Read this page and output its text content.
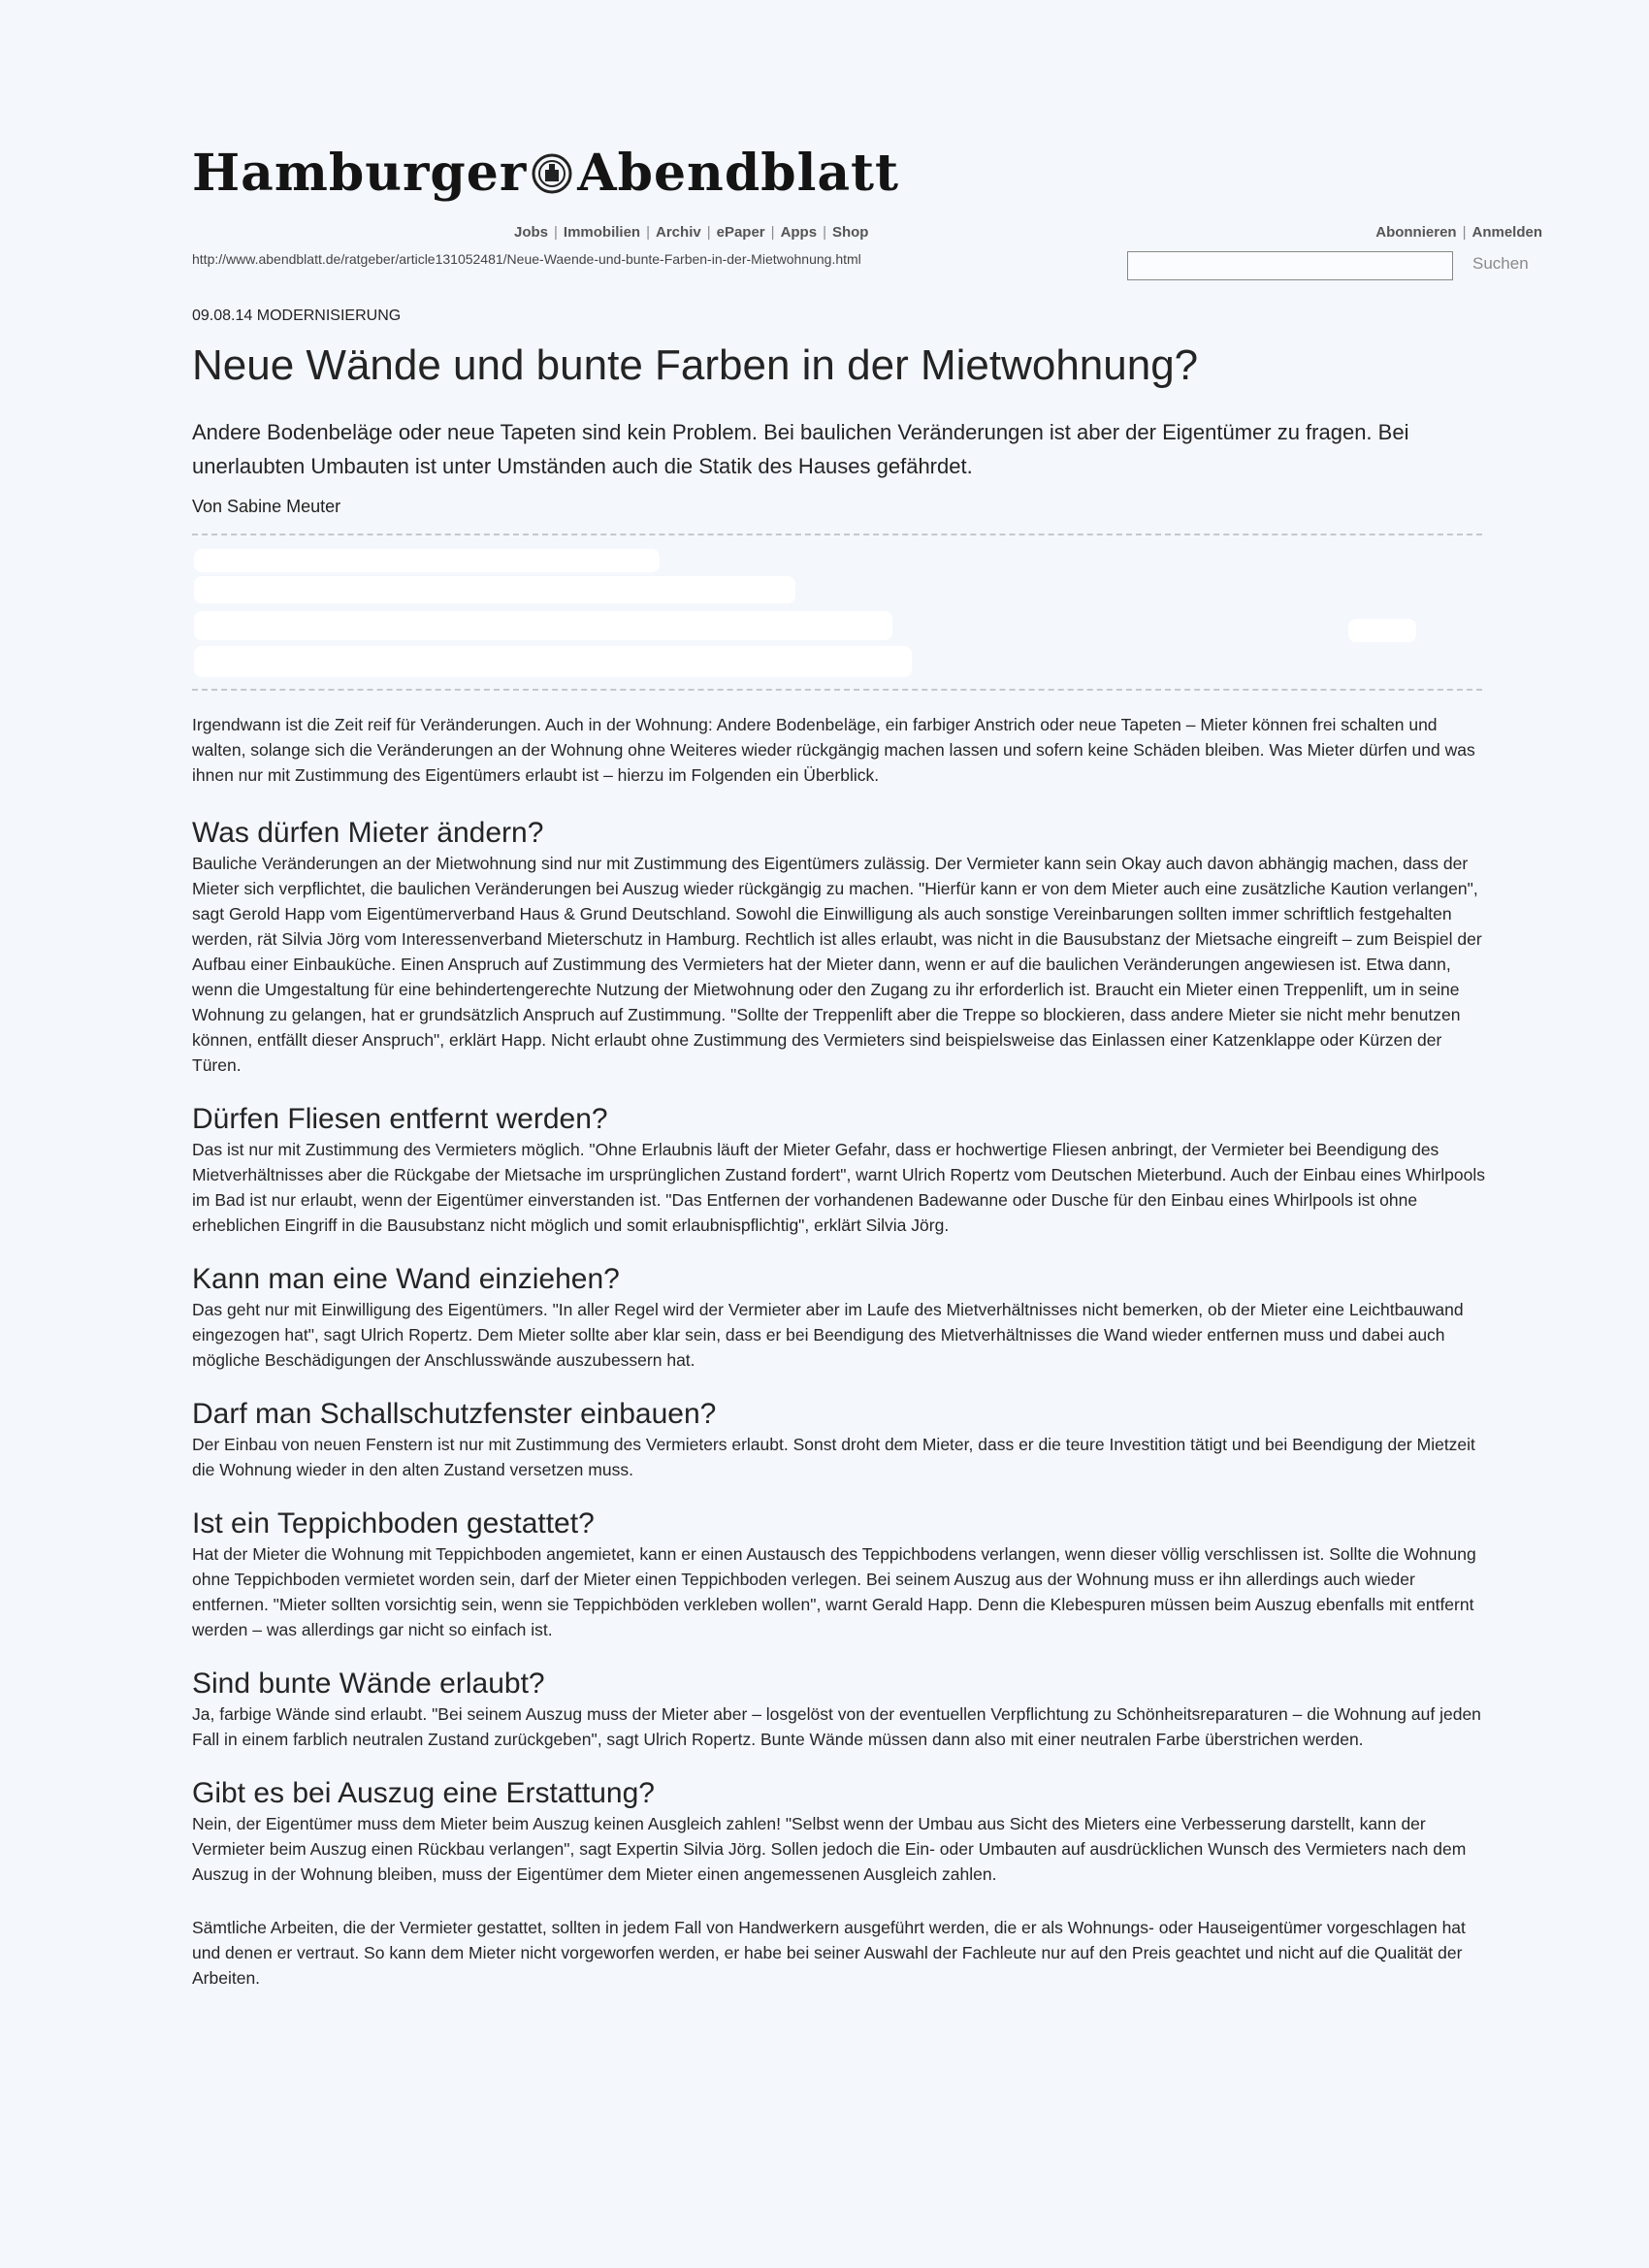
Hamburger Abendblatt
Jobs | Immobilien | Archiv | ePaper | Apps | Shop	Abonnieren | Anmelden
http://www.abendblatt.de/ratgeber/article131052481/Neue-Waende-und-bunte-Farben-in-der-Mietwohnung.html	Suchen
09.08.14 MODERNISIERUNG
Neue Wände und bunte Farben in der Mietwohnung?

Andere Bodenbeläge oder neue Tapeten sind kein Problem. Bei baulichen Veränderungen ist aber der Eigentümer zu fragen. Bei unerlaubten Umbauten ist unter Umständen auch die Statik des Hauses gefährdet.

Von Sabine Meuter

Irgendwann ist die Zeit reif für Veränderungen. Auch in der Wohnung: Andere Bodenbeläge, ein farbiger Anstrich oder neue Tapeten – Mieter können frei schalten und walten, solange sich die Veränderungen an der Wohnung ohne Weiteres wieder rückgängig machen lassen und sofern keine Schäden bleiben. Was Mieter dürfen und was ihnen nur mit Zustimmung des Eigentümers erlaubt ist – hierzu im Folgenden ein Überblick.

Was dürfen Mieter ändern?

Bauliche Veränderungen an der Mietwohnung sind nur mit Zustimmung des Eigentümers zulässig. Der Vermieter kann sein Okay auch davon abhängig machen, dass der Mieter sich verpflichtet, die baulichen Veränderungen bei Auszug wieder rückgängig zu machen. "Hierfür kann er von dem Mieter auch eine zusätzliche Kaution verlangen", sagt Gerold Happ vom Eigentümerverband Haus & Grund Deutschland. Sowohl die Einwilligung als auch sonstige Vereinbarungen sollten immer schriftlich festgehalten werden, rät Silvia Jörg vom Interessenverband Mieterschutz in Hamburg. Rechtlich ist alles erlaubt, was nicht in die Bausubstanz der Mietsache eingreift – zum Beispiel der Aufbau einer Einbauküche. Einen Anspruch auf Zustimmung des Vermieters hat der Mieter dann, wenn er auf die baulichen Veränderungen angewiesen ist. Etwa dann, wenn die Umgestaltung für eine behindertengerechte Nutzung der Mietwohnung oder den Zugang zu ihr erforderlich ist. Braucht ein Mieter einen Treppenlift, um in seine Wohnung zu gelangen, hat er grundsätzlich Anspruch auf Zustimmung. "Sollte der Treppenlift aber die Treppe so blockieren, dass andere Mieter sie nicht mehr benutzen können, entfällt dieser Anspruch", erklärt Happ. Nicht erlaubt ohne Zustimmung des Vermieters sind beispielsweise das Einlassen einer Katzenklappe oder Kürzen der Türen.

Dürfen Fliesen entfernt werden?

Das ist nur mit Zustimmung des Vermieters möglich. "Ohne Erlaubnis läuft der Mieter Gefahr, dass er hochwertige Fliesen anbringt, der Vermieter bei Beendigung des Mietverhältnisses aber die Rückgabe der Mietsache im ursprünglichen Zustand fordert", warnt Ulrich Ropertz vom Deutschen Mieterbund. Auch der Einbau eines Whirlpools im Bad ist nur erlaubt, wenn der Eigentümer einverstanden ist. "Das Entfernen der vorhandenen Badewanne oder Dusche für den Einbau eines Whirlpools ist ohne erheblichen Eingriff in die Bausubstanz nicht möglich und somit erlaubnispflichtig", erklärt Silvia Jörg.

Kann man eine Wand einziehen?

Das geht nur mit Einwilligung des Eigentümers. "In aller Regel wird der Vermieter aber im Laufe des Mietverhältnisses nicht bemerken, ob der Mieter eine Leichtbauwand eingezogen hat", sagt Ulrich Ropertz. Dem Mieter sollte aber klar sein, dass er bei Beendigung des Mietverhältnisses die Wand wieder entfernen muss und dabei auch mögliche Beschädigungen der Anschlusswände auszubessern hat.

Darf man Schallschutzfenster einbauen?

Der Einbau von neuen Fenstern ist nur mit Zustimmung des Vermieters erlaubt. Sonst droht dem Mieter, dass er die teure Investition tätigt und bei Beendigung der Mietzeit die Wohnung wieder in den alten Zustand versetzen muss.

Ist ein Teppichboden gestattet?

Hat der Mieter die Wohnung mit Teppichboden angemietet, kann er einen Austausch des Teppichbodens verlangen, wenn dieser völlig verschlissen ist. Sollte die Wohnung ohne Teppichboden vermietet worden sein, darf der Mieter einen Teppichboden verlegen. Bei seinem Auszug aus der Wohnung muss er ihn allerdings auch wieder entfernen. "Mieter sollten vorsichtig sein, wenn sie Teppichböden verkleben wollen", warnt Gerald Happ. Denn die Klebespuren müssen beim Auszug ebenfalls mit entfernt werden – was allerdings gar nicht so einfach ist.

Sind bunte Wände erlaubt?

Ja, farbige Wände sind erlaubt. "Bei seinem Auszug muss der Mieter aber – losgelöst von der eventuellen Verpflichtung zu Schönheitsreparaturen – die Wohnung auf jeden Fall in einem farblich neutralen Zustand zurückgeben", sagt Ulrich Ropertz. Bunte Wände müssen dann also mit einer neutralen Farbe überstrichen werden.

Gibt es bei Auszug eine Erstattung?

Nein, der Eigentümer muss dem Mieter beim Auszug keinen Ausgleich zahlen! "Selbst wenn der Umbau aus Sicht des Mieters eine Verbesserung darstellt, kann der Vermieter beim Auszug einen Rückbau verlangen", sagt Expertin Silvia Jörg. Sollen jedoch die Ein- oder Umbauten auf ausdrücklichen Wunsch des Vermieters nach dem Auszug in der Wohnung bleiben, muss der Eigentümer dem Mieter einen angemessenen Ausgleich zahlen.

Sämtliche Arbeiten, die der Vermieter gestattet, sollten in jedem Fall von Handwerkern ausgeführt werden, die er als Wohnungs- oder Hauseigentümer vorgeschlagen hat und denen er vertraut. So kann dem Mieter nicht vorgeworfen werden, er habe bei seiner Auswahl der Fachleute nur auf den Preis geachtet und nicht auf die Qualität der Arbeiten.
